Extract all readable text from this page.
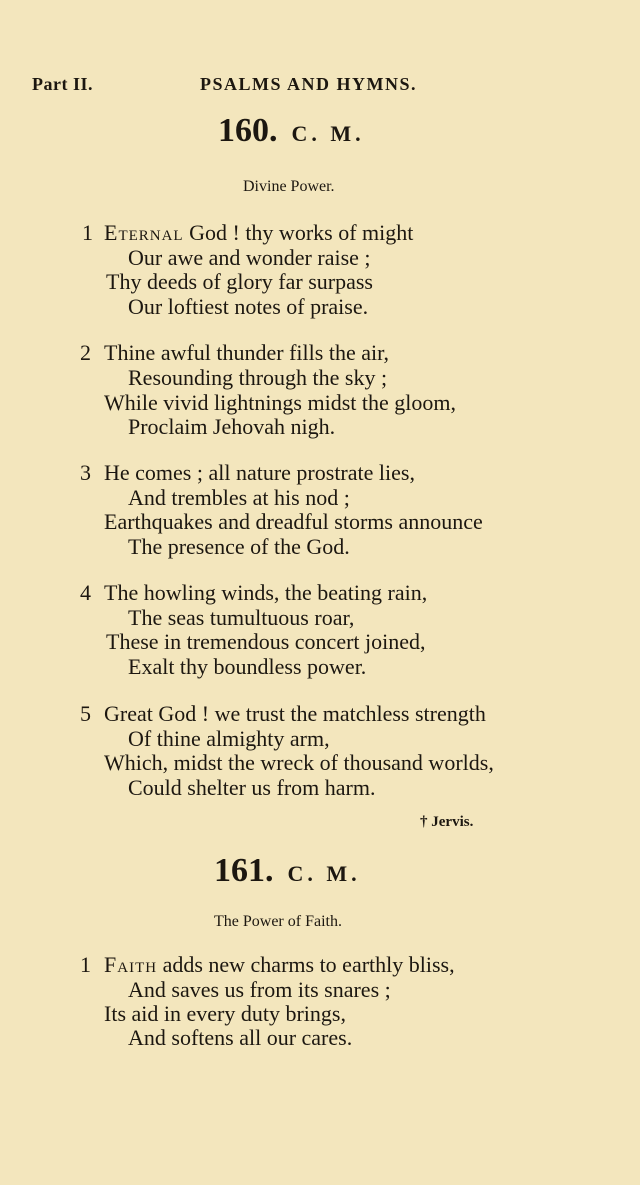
Part II.	PSALMS AND HYMNS.
160. C. M.
Divine Power.
1 Eternal God ! thy works of might
Our awe and wonder raise ;
Thy deeds of glory far surpass
Our loftiest notes of praise.
2 Thine awful thunder fills the air,
Resounding through the sky ;
While vivid lightnings midst the gloom,
Proclaim Jehovah nigh.
3 He comes ; all nature prostrate lies,
And trembles at his nod ;
Earthquakes and dreadful storms announce
The presence of the God.
4 The howling winds, the beating rain,
The seas tumultuous roar,
These in tremendous concert joined,
Exalt thy boundless power.
5 Great God ! we trust the matchless strength
Of thine almighty arm,
Which, midst the wreck of thousand worlds,
Could shelter us from harm.
† Jervis.
161. C. M.
The Power of Faith.
1 Faith adds new charms to earthly bliss,
And saves us from its snares ;
Its aid in every duty brings,
And softens all our cares.
